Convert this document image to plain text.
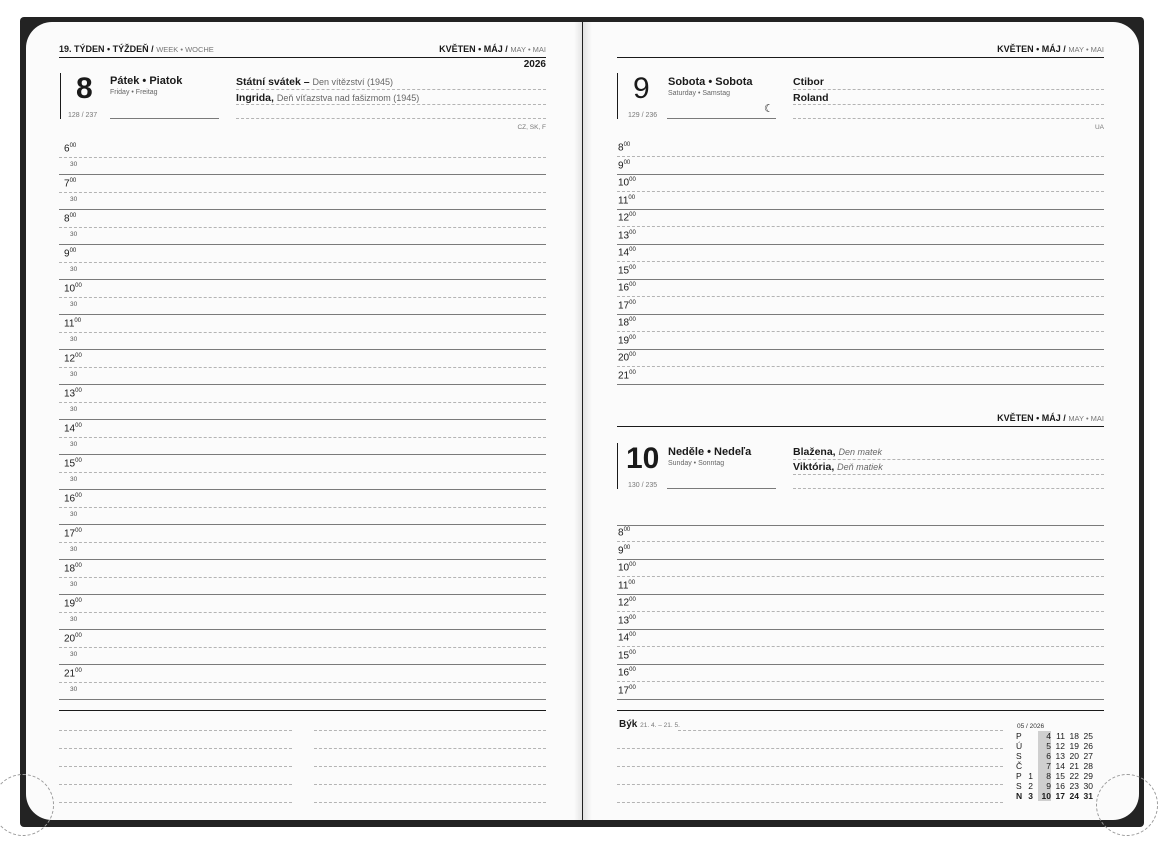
19. TÝDEN • TÝŽDEŇ / WEEK • WOCHE	KVĚTEN • MÁJ / MAY • MAI
2026
8 Pátek • Piatok
Friday • Freitag
128 / 237
Státní svátek – Den vítězství (1945)
Ingrida, Deň víťazstva nad fašizmom (1945)
CZ, SK, F
$6^{00}$
30
$7^{00}$
30
$8^{00}$
30
$9^{00}$
30
$10^{00}$
30
$11^{00}$
30
$12^{00}$
30
$13^{00}$
30
$14^{00}$
30
$15^{00}$
30
$16^{00}$
30
$17^{00}$
30
$18^{00}$
30
$19^{00}$
30
$20^{00}$
30
$21^{00}$
30
KVĚTEN • MÁJ / MAY • MAI
9 Sobota • Sobota
Saturday • Samstag
☾
129 / 236
Ctibor
Roland
UA
$8^{00}$
$9^{00}$
$10^{00}$
$11^{00}$
$12^{00}$
$13^{00}$
$14^{00}$
$15^{00}$
$16^{00}$
$17^{00}$
$18^{00}$
$19^{00}$
$20^{00}$
$21^{00}$
KVĚTEN • MÁJ / MAY • MAI
10 Neděle • Nedeľa
Sunday • Sonntag
130 / 235
Blažena, Den matek
Viktória, Deň matiek
$8^{00}$
$9^{00}$
$10^{00}$
$11^{00}$
$12^{00}$
$13^{00}$
$14^{00}$
$15^{00}$
$16^{00}$
$17^{00}$
Býk 21. 4. – 21. 5.	05 / 2026
P	4 11 18 25
Ú	5 12 19 26
S	6 13 20 27
Č	7 14 21 28
P 1	8 15 22 29
S 2	9 16 23 30
N 3	10 17 24 31
